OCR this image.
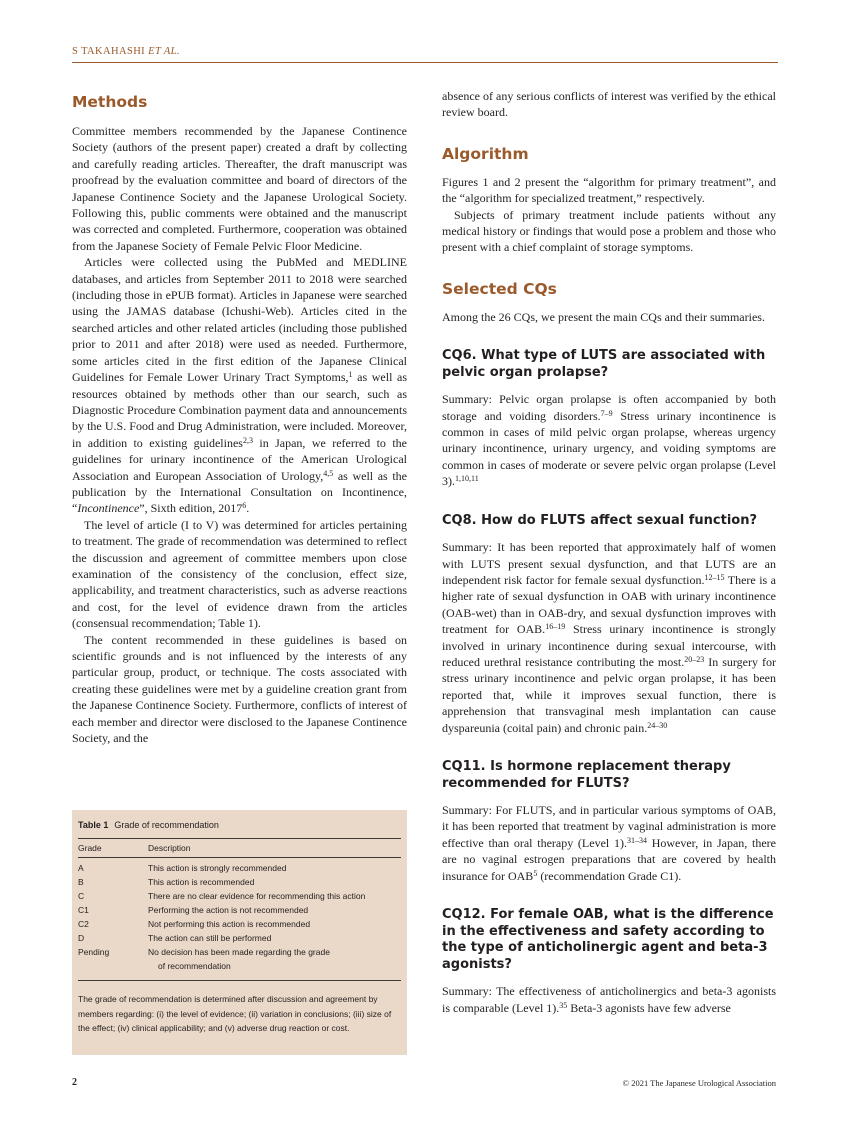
S TAKAHASHI ET AL.
Methods

Committee members recommended by the Japanese Continence Society (authors of the present paper) created a draft by collecting and carefully reading articles. Thereafter, the draft manuscript was proofread by the evaluation committee and board of directors of the Japanese Continence Society and the Japanese Urological Society. Following this, public comments were obtained and the manuscript was corrected and completed. Furthermore, cooperation was obtained from the Japanese Society of Female Pelvic Floor Medicine.

Articles were collected using the PubMed and MEDLINE databases, and articles from September 2011 to 2018 were searched (including those in ePUB format). Articles in Japanese were searched using the JAMAS database (Ichushi-Web). Articles cited in the searched articles and other related articles (including those published prior to 2011 and after 2018) were used as needed. Furthermore, some articles cited in the first edition of the Japanese Clinical Guidelines for Female Lower Urinary Tract Symptoms,$^1$ as well as resources obtained by methods other than our search, such as Diagnostic Procedure Combination payment data and announcements by the U.S. Food and Drug Administration, were included. Moreover, in addition to existing guidelines$^{2,3}$ in Japan, we referred to the guidelines for urinary incontinence of the American Urological Association and European Association of Urology,$^{4,5}$ as well as the publication by the International Consultation on Incontinence, “Incontinence”, Sixth edition, 2017$^6$.

The level of article (I to V) was determined for articles pertaining to treatment. The grade of recommendation was determined to reflect the discussion and agreement of committee members upon close examination of the consistency of the conclusion, effect size, applicability, and treatment characteristics, such as adverse reactions and cost, for the level of evidence drawn from the articles (consensual recommendation; Table 1).

The content recommended in these guidelines is based on scientific grounds and is not influenced by the interests of any particular group, product, or technique. The costs associated with creating these guidelines were met by a guideline creation grant from the Japanese Continence Society. Furthermore, conflicts of interest of each member and director were disclosed to the Japanese Continence Society, and the

Table 1 Grade of recommendation
Grade	Description
A	This action is strongly recommended
B	This action is recommended
C	There are no clear evidence for recommending this action
C1	Performing the action is not recommended
C2	Not performing this action is recommended
D	The action can still be performed
Pending	No decision has been made regarding the grade
of recommendation
The grade of recommendation is determined after discussion and agreement by members regarding: (i) the level of evidence; (ii) variation in conclusions; (iii) size of the effect; (iv) clinical applicability; and (v) adverse drug reaction or cost.

absence of any serious conflicts of interest was verified by the ethical review board.

Algorithm

Figures 1 and 2 present the “algorithm for primary treatment”, and the “algorithm for specialized treatment,” respectively.

Subjects of primary treatment include patients without any medical history or findings that would pose a problem and those who present with a chief complaint of storage symptoms.

Selected CQs

Among the 26 CQs, we present the main CQs and their summaries.

CQ6. What type of LUTS are associated with pelvic organ prolapse?

Summary: Pelvic organ prolapse is often accompanied by both storage and voiding disorders.$^{7-9}$ Stress urinary incontinence is common in cases of mild pelvic organ prolapse, whereas urgency urinary incontinence, urinary urgency, and voiding symptoms are common in cases of moderate or severe pelvic organ prolapse (Level 3).$^{1,10,11}$

CQ8. How do FLUTS affect sexual function?

Summary: It has been reported that approximately half of women with LUTS present sexual dysfunction, and that LUTS are an independent risk factor for female sexual dysfunction.$^{12-15}$ There is a higher rate of sexual dysfunction in OAB with urinary incontinence (OAB-wet) than in OAB-dry, and sexual dysfunction improves with treatment for OAB.$^{16-19}$ Stress urinary incontinence is strongly involved in urinary incontinence during sexual intercourse, with reduced urethral resistance contributing the most.$^{20-23}$ In surgery for stress urinary incontinence and pelvic organ prolapse, it has been reported that, while it improves sexual function, there is apprehension that transvaginal mesh implantation can cause dyspareunia (coital pain) and chronic pain.$^{24-30}$

CQ11. Is hormone replacement therapy recommended for FLUTS?

Summary: For FLUTS, and in particular various symptoms of OAB, it has been reported that treatment by vaginal administration is more effective than oral therapy (Level 1).$^{31-34}$ However, in Japan, there are no vaginal estrogen preparations that are covered by health insurance for OAB$^5$ (recommendation Grade C1).

CQ12. For female OAB, what is the difference in the effectiveness and safety according to the type of anticholinergic agent and beta-3 agonists?

Summary: The effectiveness of anticholinergics and beta-3 agonists is comparable (Level 1).$^{35}$ Beta-3 agonists have few adverse

2	© 2021 The Japanese Urological Association
